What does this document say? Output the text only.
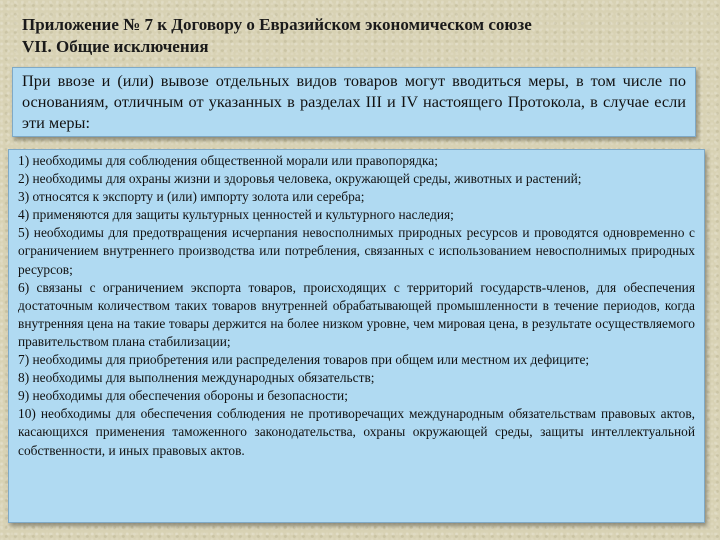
Приложение № 7 к Договору о Евразийском экономическом союзе
VII. Общие исключения
При ввозе и (или) вывозе отдельных видов товаров могут вводиться меры, в том числе по основаниям, отличным от указанных в разделах III и IV настоящего Протокола, в случае если эти меры:

1) необходимы для соблюдения общественной морали или правопорядка;

2) необходимы для охраны жизни и здоровья человека, окружающей среды, животных и растений;

3) относятся к экспорту и (или) импорту золота или серебра;

4) применяются для защиты культурных ценностей и культурного наследия;

5) необходимы для предотвращения исчерпания невосполнимых природных ресурсов и проводятся одновременно с ограничением внутреннего производства или потребления, связанных с использованием невосполнимых природных ресурсов;

6) связаны с ограничением экспорта товаров, происходящих с территорий государств-членов, для обеспечения достаточным количеством таких товаров внутренней обрабатывающей промышленности в течение периодов, когда внутренняя цена на такие товары держится на более низком уровне, чем мировая цена, в результате осуществляемого правительством плана стабилизации;

7) необходимы для приобретения или распределения товаров при общем или местном их дефиците;

8) необходимы для выполнения международных обязательств;

9) необходимы для обеспечения обороны и безопасности;

10) необходимы для обеспечения соблюдения не противоречащих международным обязательствам правовых актов, касающихся применения таможенного законодательства, охраны окружающей среды, защиты интеллектуальной собственности, и иных правовых актов.
